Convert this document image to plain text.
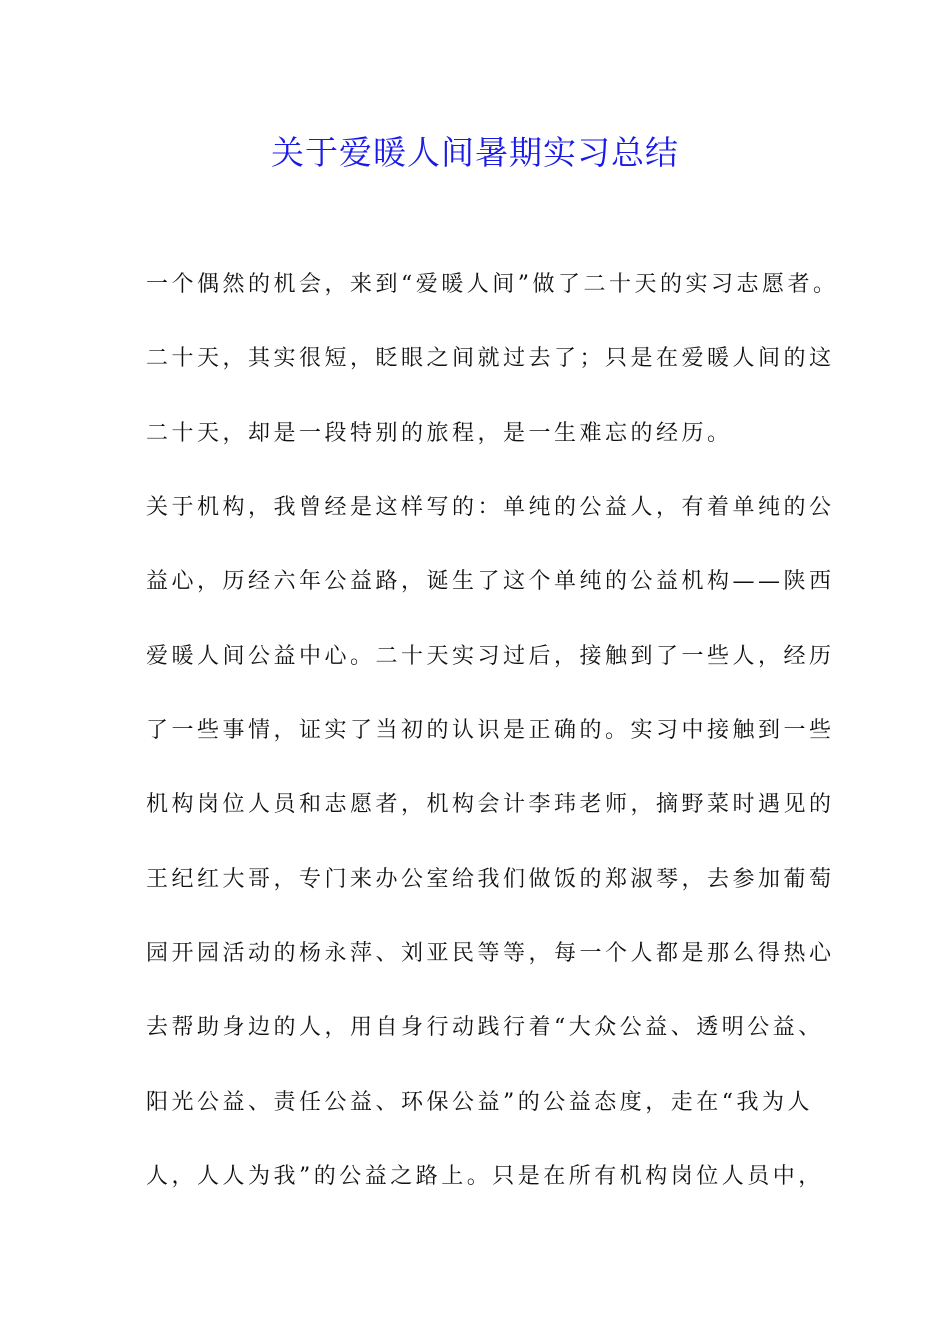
关于爱暖人间暑期实习总结
一个偶然的机会，来到“爱暖人间”做了二十天的实习志愿者。
二十天，其实很短，眨眼之间就过去了；只是在爱暖人间的这
二十天，却是一段特别的旅程，是一生难忘的经历。
关于机构，我曾经是这样写的：单纯的公益人，有着单纯的公
益心，历经六年公益路，诞生了这个单纯的公益机构——陕西
爱暖人间公益中心。二十天实习过后，接触到了一些人，经历
了一些事情，证实了当初的认识是正确的。实习中接触到一些
机构岗位人员和志愿者，机构会计李玮老师，摘野菜时遇见的
王纪红大哥，专门来办公室给我们做饭的郑淑琴，去参加葡萄
园开园活动的杨永萍、刘亚民等等，每一个人都是那么得热心
去帮助身边的人，用自身行动践行着“大众公益、透明公益、
阳光公益、责任公益、环保公益”的公益态度，走在“我为人
人，人人为我”的公益之路上。只是在所有机构岗位人员中，
